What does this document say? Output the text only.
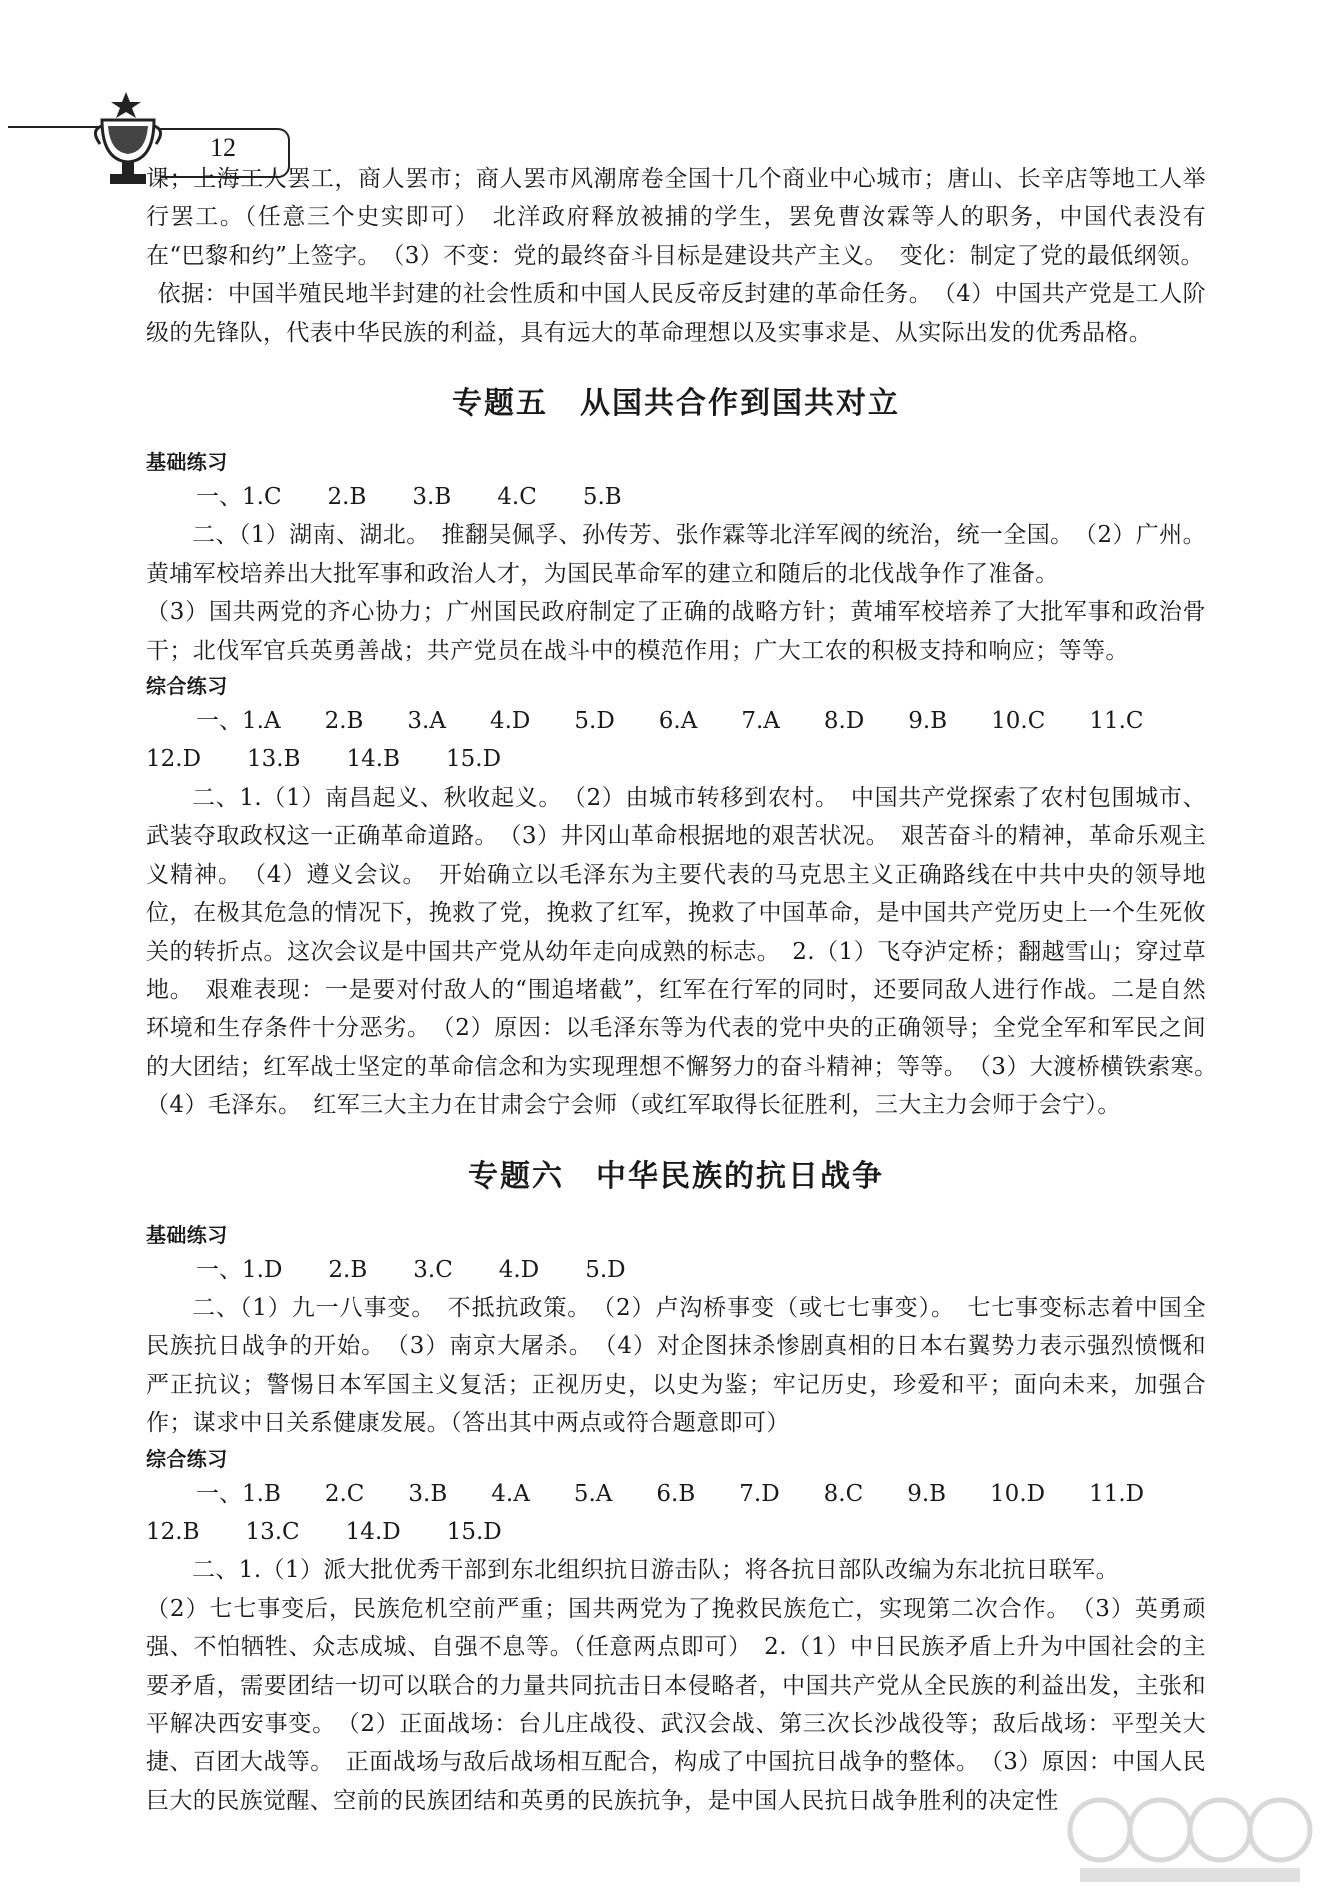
12

课；上海工人罢工，商人罢市；商人罢市风潮席卷全国十几个商业中心城市；唐山、长辛店等地工人举行罢工。（任意三个史实即可）　北洋政府释放被捕的学生，罢免曹汝霖等人的职务，中国代表没有在“巴黎和约”上签字。　（3）不变：党的最终奋斗目标是建设共产主义。　变化：制定了党的最低纲领。

依据：中国半殖民地半封建的社会性质和中国人民反帝反封建的革命任务。　（4）中国共产党是工人阶级的先锋队，代表中华民族的利益，具有远大的革命理想以及实事求是、从实际出发的优秀品格。

专题五　从国共合作到国共对立

基础练习

一、1.C 2.B 3.B 4.C 5.B

二、（1）湖南、湖北。　推翻吴佩孚、孙传芳、张作霖等北洋军阀的统治，统一全国。　（2）广州。黄埔军校培养出大批军事和政治人才，为国民革命军的建立和随后的北伐战争作了准备。

（3）国共两党的齐心协力；广州国民政府制定了正确的战略方针；黄埔军校培养了大批军事和政治骨干；北伐军官兵英勇善战；共产党员在战斗中的模范作用；广大工农的积极支持和响应；等等。

综合练习

一、1.A 2.B 3.A 4.D 5.D 6.A 7.A 8.D 9.B 10.C 11.C
12.D 13.B 14.B 15.D

二、1.（1）南昌起义、秋收起义。　（2）由城市转移到农村。　中国共产党探索了农村包围城市、武装夺取政权这一正确革命道路。　（3）井冈山革命根据地的艰苦状况。　艰苦奋斗的精神，革命乐观主义精神。　（4）遵义会议。　开始确立以毛泽东为主要代表的马克思主义正确路线在中共中央的领导地位，在极其危急的情况下，挽救了党，挽救了红军，挽救了中国革命，是中国共产党历史上一个生死攸关的转折点。这次会议是中国共产党从幼年走向成熟的标志。　2.（1）飞夺泸定桥；翻越雪山；穿过草地。　艰难表现：一是要对付敌人的“围追堵截”，红军在行军的同时，还要同敌人进行作战。二是自然环境和生存条件十分恶劣。　（2）原因：以毛泽东等为代表的党中央的正确领导；全党全军和军民之间的大团结；红军战士坚定的革命信念和为实现理想不懈努力的奋斗精神；等等。　（3）大渡桥横铁索寒。　（4）毛泽东。　红军三大主力在甘肃会宁会师（或红军取得长征胜利，三大主力会师于会宁）。

专题六　中华民族的抗日战争

基础练习

一、1.D 2.B 3.C 4.D 5.D

二、（1）九一八事变。　不抵抗政策。　（2）卢沟桥事变（或七七事变）。　七七事变标志着中国全民族抗日战争的开始。　（3）南京大屠杀。　（4）对企图抹杀惨剧真相的日本右翼势力表示强烈愤慨和严正抗议；警惕日本军国主义复活；正视历史，以史为鉴；牢记历史，珍爱和平；面向未来，加强合作；谋求中日关系健康发展。（答出其中两点或符合题意即可）

综合练习

一、1.B 2.C 3.B 4.A 5.A 6.B 7.D 8.C 9.B 10.D 11.D
12.B 13.C 14.D 15.D

二、1.（1）派大批优秀干部到东北组织抗日游击队；将各抗日部队改编为东北抗日联军。

（2）七七事变后，民族危机空前严重；国共两党为了挽救民族危亡，实现第二次合作。　（3）英勇顽强、不怕牺牲、众志成城、自强不息等。（任意两点即可）　2.（1）中日民族矛盾上升为中国社会的主要矛盾，需要团结一切可以联合的力量共同抗击日本侵略者，中国共产党从全民族的利益出发，主张和平解决西安事变。　（2）正面战场：台儿庄战役、武汉会战、第三次长沙战役等；敌后战场：平型关大捷、百团大战等。　正面战场与敌后战场相互配合，构成了中国抗日战争的整体。　（3）原因：中国人民巨大的民族觉醒、空前的民族团结和英勇的民族抗争，是中国人民抗日战争胜利的决定性
